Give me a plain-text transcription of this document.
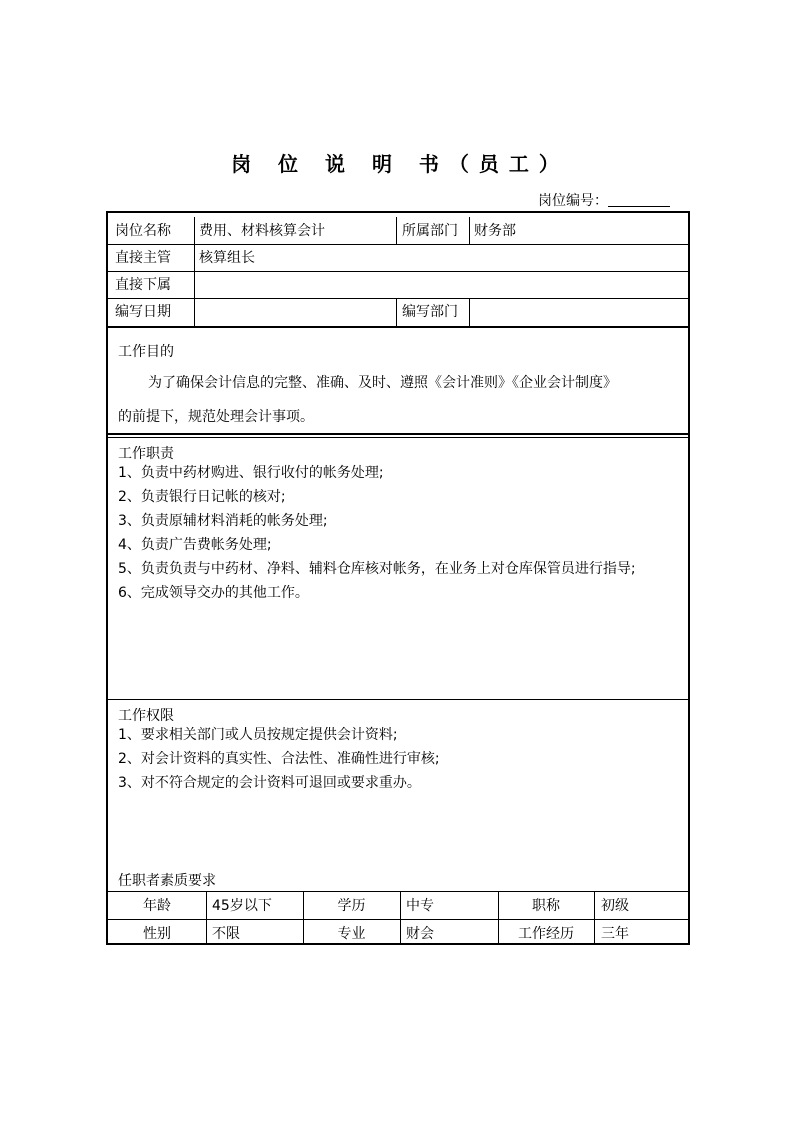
岗 位 说 明 书（员工）
岗位编号：
岗位名称 费用、材料核算会计	所属部门 财务部
直接主管 核算组长
直接下属
编写日期	编写部门
工作目的
为了确保会计信息的完整、准确、及时、遵照《会计准则》《企业会计制度》
的前提下，规范处理会计事项。
工作职责
1、负责中药材购进、银行收付的帐务处理;
2、负责银行日记帐的核对;
3、负责原辅材料消耗的帐务处理;
4、负责广告费帐务处理;
5、负责负责与中药材、净料、辅料仓库核对帐务，在业务上对仓库保管员进行指导;
6、完成领导交办的其他工作。
工作权限
1、要求相关部门或人员按规定提供会计资料;
2、对会计资料的真实性、合法性、准确性进行审核;
3、对不符合规定的会计资料可退回或要求重办。
任职者素质要求
年龄	45岁以下	学历	中专	职称	初级
性别	不限	专业	财会	工作经历	三年
